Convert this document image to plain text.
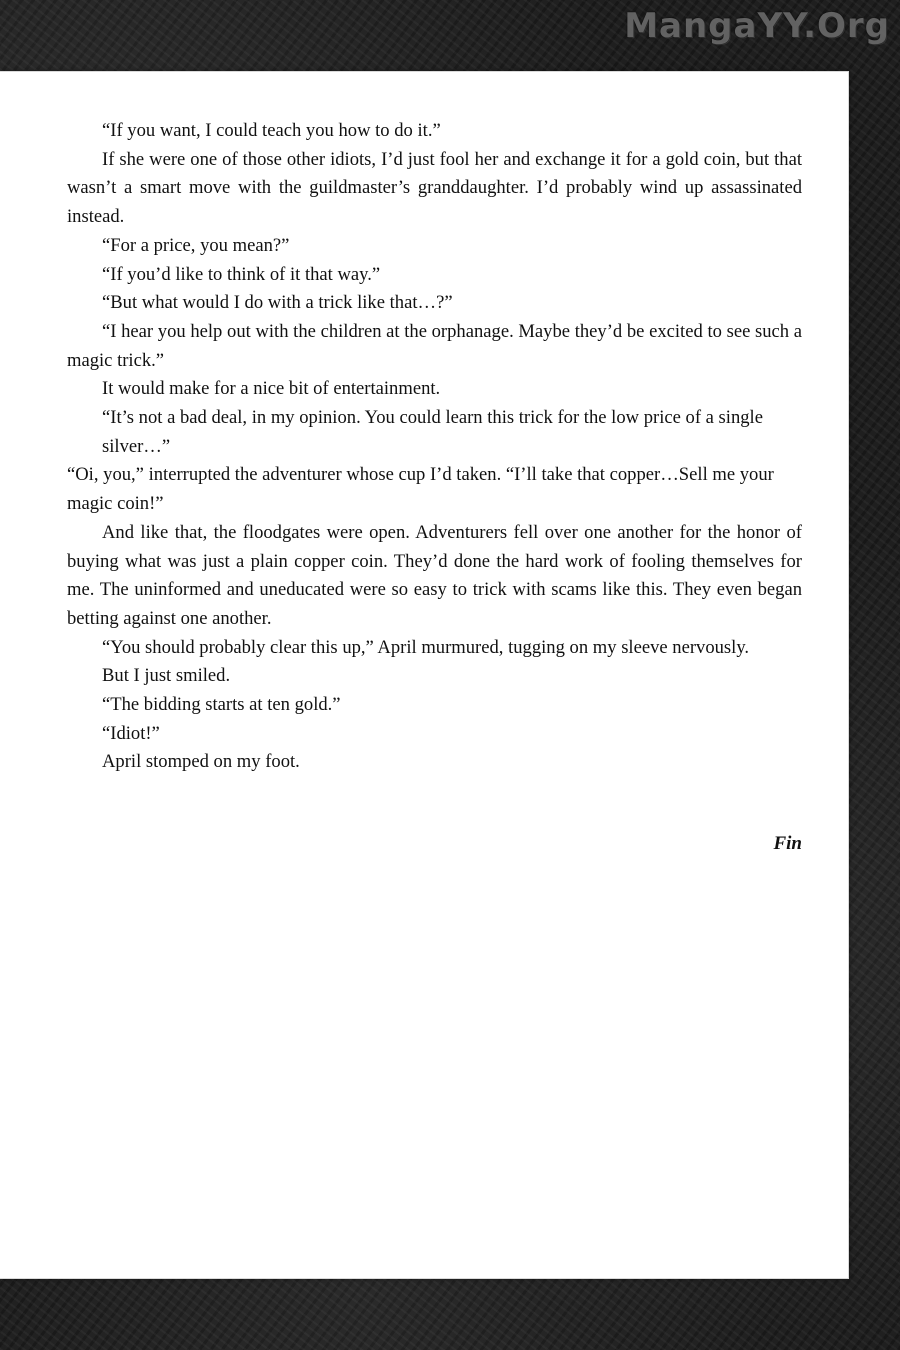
MangaYY.Org

“If you want, I could teach you how to do it.”

If she were one of those other idiots, I’d just fool her and exchange it for a gold coin, but that wasn’t a smart move with the guildmaster’s granddaughter. I’d probably wind up assassinated instead.

“For a price, you mean?”

“If you’d like to think of it that way.”

“But what would I do with a trick like that…?”

“I hear you help out with the children at the orphanage. Maybe they’d be excited to see such a magic trick.”

It would make for a nice bit of entertainment.

“It’s not a bad deal, in my opinion. You could learn this trick for the low price of a single silver…”

“Oi, you,” interrupted the adventurer whose cup I’d taken. “I’ll take that copper…Sell me your magic coin!”

And like that, the floodgates were open. Adventurers fell over one another for the honor of buying what was just a plain copper coin. They’d done the hard work of fooling themselves for me. The uninformed and uneducated were so easy to trick with scams like this. They even began betting against one another.

“You should probably clear this up,” April murmured, tugging on my sleeve nervously.

But I just smiled.

“The bidding starts at ten gold.”

“Idiot!”

April stomped on my foot.

Fin
